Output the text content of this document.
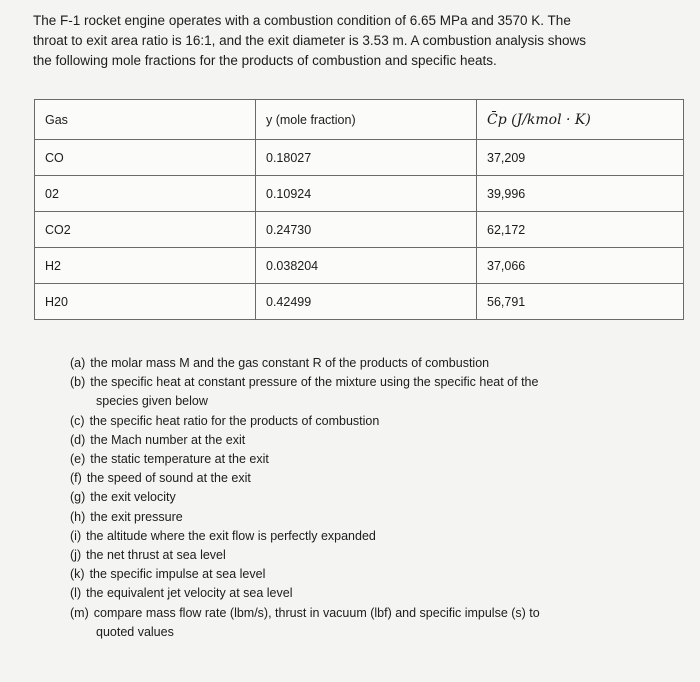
The F-1 rocket engine operates with a combustion condition of 6.65 MPa and 3570 K. The
throat to exit area ratio is 16:1, and the exit diameter is 3.53 m. A combustion analysis shows
the following mole fractions for the products of combustion and specific heats.
Gas	y (mole fraction)	C̄p (J/kmol · K)
CO	0.18027	37,209
02	0.10924	39,996
CO2	0.24730	62,172
H2	0.038204	37,066
H20	0.42499	56,791
(a) the molar mass M and the gas constant R of the products of combustion
(b) the specific heat at constant pressure of the mixture using the specific heat of the
species given below
(c) the specific heat ratio for the products of combustion
(d) the Mach number at the exit
(e) the static temperature at the exit
(f) the speed of sound at the exit
(g) the exit velocity
(h) the exit pressure
(i) the altitude where the exit flow is perfectly expanded
(j) the net thrust at sea level
(k) the specific impulse at sea level
(l) the equivalent jet velocity at sea level
(m) compare mass flow rate (lbm/s), thrust in vacuum (lbf) and specific impulse (s) to
quoted values
